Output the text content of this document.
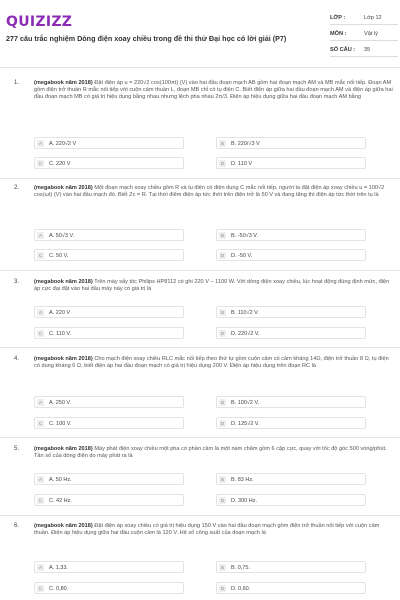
QUIZIZZ
277 câu trắc nghiệm Dòng điện xoay chiều trong đề thi thử Đại học có lời giải (P7)
LỚP :	Lớp 12
MÔN :	Vật lý
SỐ CÂU : 35
1.	(megabook năm 2018) Đặt điện áp u = 220√2 cos(100πt) (V) vào hai đầu đoạn mạch AB gồm hai đoạn mạch AM và MB mắc nối tiếp. Đoạn AM gồm điện trở thuần R mắc nối tiếp với cuộn cảm thuần L, đoạn MB chỉ có tụ điện C. Biết điện áp giữa hai đầu đoạn mạch AM và điện áp giữa hai đầu đoạn mạch MB có giá trị hiệu dụng bằng nhau nhưng lệch pha nhau 2π/3. Điện áp hiệu dụng giữa hai đầu đoạn mạch AM bằng
A	A. 220√2 V	B	B. 220/√3 V
C	C. 220 V	D	D. 110 V
2.	(megabook năm 2018) Một đoạn mạch xoay chiều gồm R và tụ điện có điện dung C mắc nối tiếp, người ta đặt điện áp xoay chiều u = 100√2 cos(ωt) (V) vào hai đầu mạch đó. Biết Zc = R. Tại thời điểm điện áp tức thời trên điện trở là 50 V và đang tăng thì điện áp tức thời trên tụ là
A	A. 50√3 V.	B	B. -50√3 V.
C	C. 50 V.	D	D. -50 V.
3.	(megabook năm 2018) Trên máy sấy tóc Philips HP8112 có ghi 220 V – 1100 W. Với dòng điện xoay chiều, lúc hoạt động đúng định mức, điện áp cực đại đặt vào hai đầu máy này có giá trị là
A	A. 220 V	B	B. 110√2 V.
C	C. 110 V.	D	D. 220√2 V.
4.	(megabook năm 2018) Cho mạch điện xoay chiều RLC mắc nối tiếp theo thứ tự gồm cuộn cảm có cảm kháng 14Ω, điện trở thuần 8 Ω, tụ điện có dung kháng 6 Ω, biết điện áp hai đầu đoạn mạch có giá trị hiệu dụng 200 V. Điện áp hiệu dụng trên đoạn RC là
A	A. 250 V.	B	B. 100√2 V.
C	C. 100 V.	D	D. 125√2 V.
5.	(megabook năm 2018) Máy phát điện xoay chiều một pha có phần cảm là một nam châm gồm 6 cặp cực, quay với tốc độ góc 500 vòng/phút. Tần số của dòng điện do máy phát ra là
A	A. 50 Hz.	B	B. 83 Hz.
C	C. 42 Hz.	D	D. 300 Hz.
6.	(megabook năm 2018) Đặt điện áp xoay chiều có giá trị hiệu dụng 150 V vào hai đầu đoạn mạch gồm điện trở thuần nối tiếp với cuộn cảm thuần. Điện áp hiệu dụng giữa hai đầu cuộn cảm là 120 V. Hệ số công suất của đoạn mạch là
A	A. 1,33.	B	B. 0,75.
C	C. 0,80.	D	D. 0,60.
